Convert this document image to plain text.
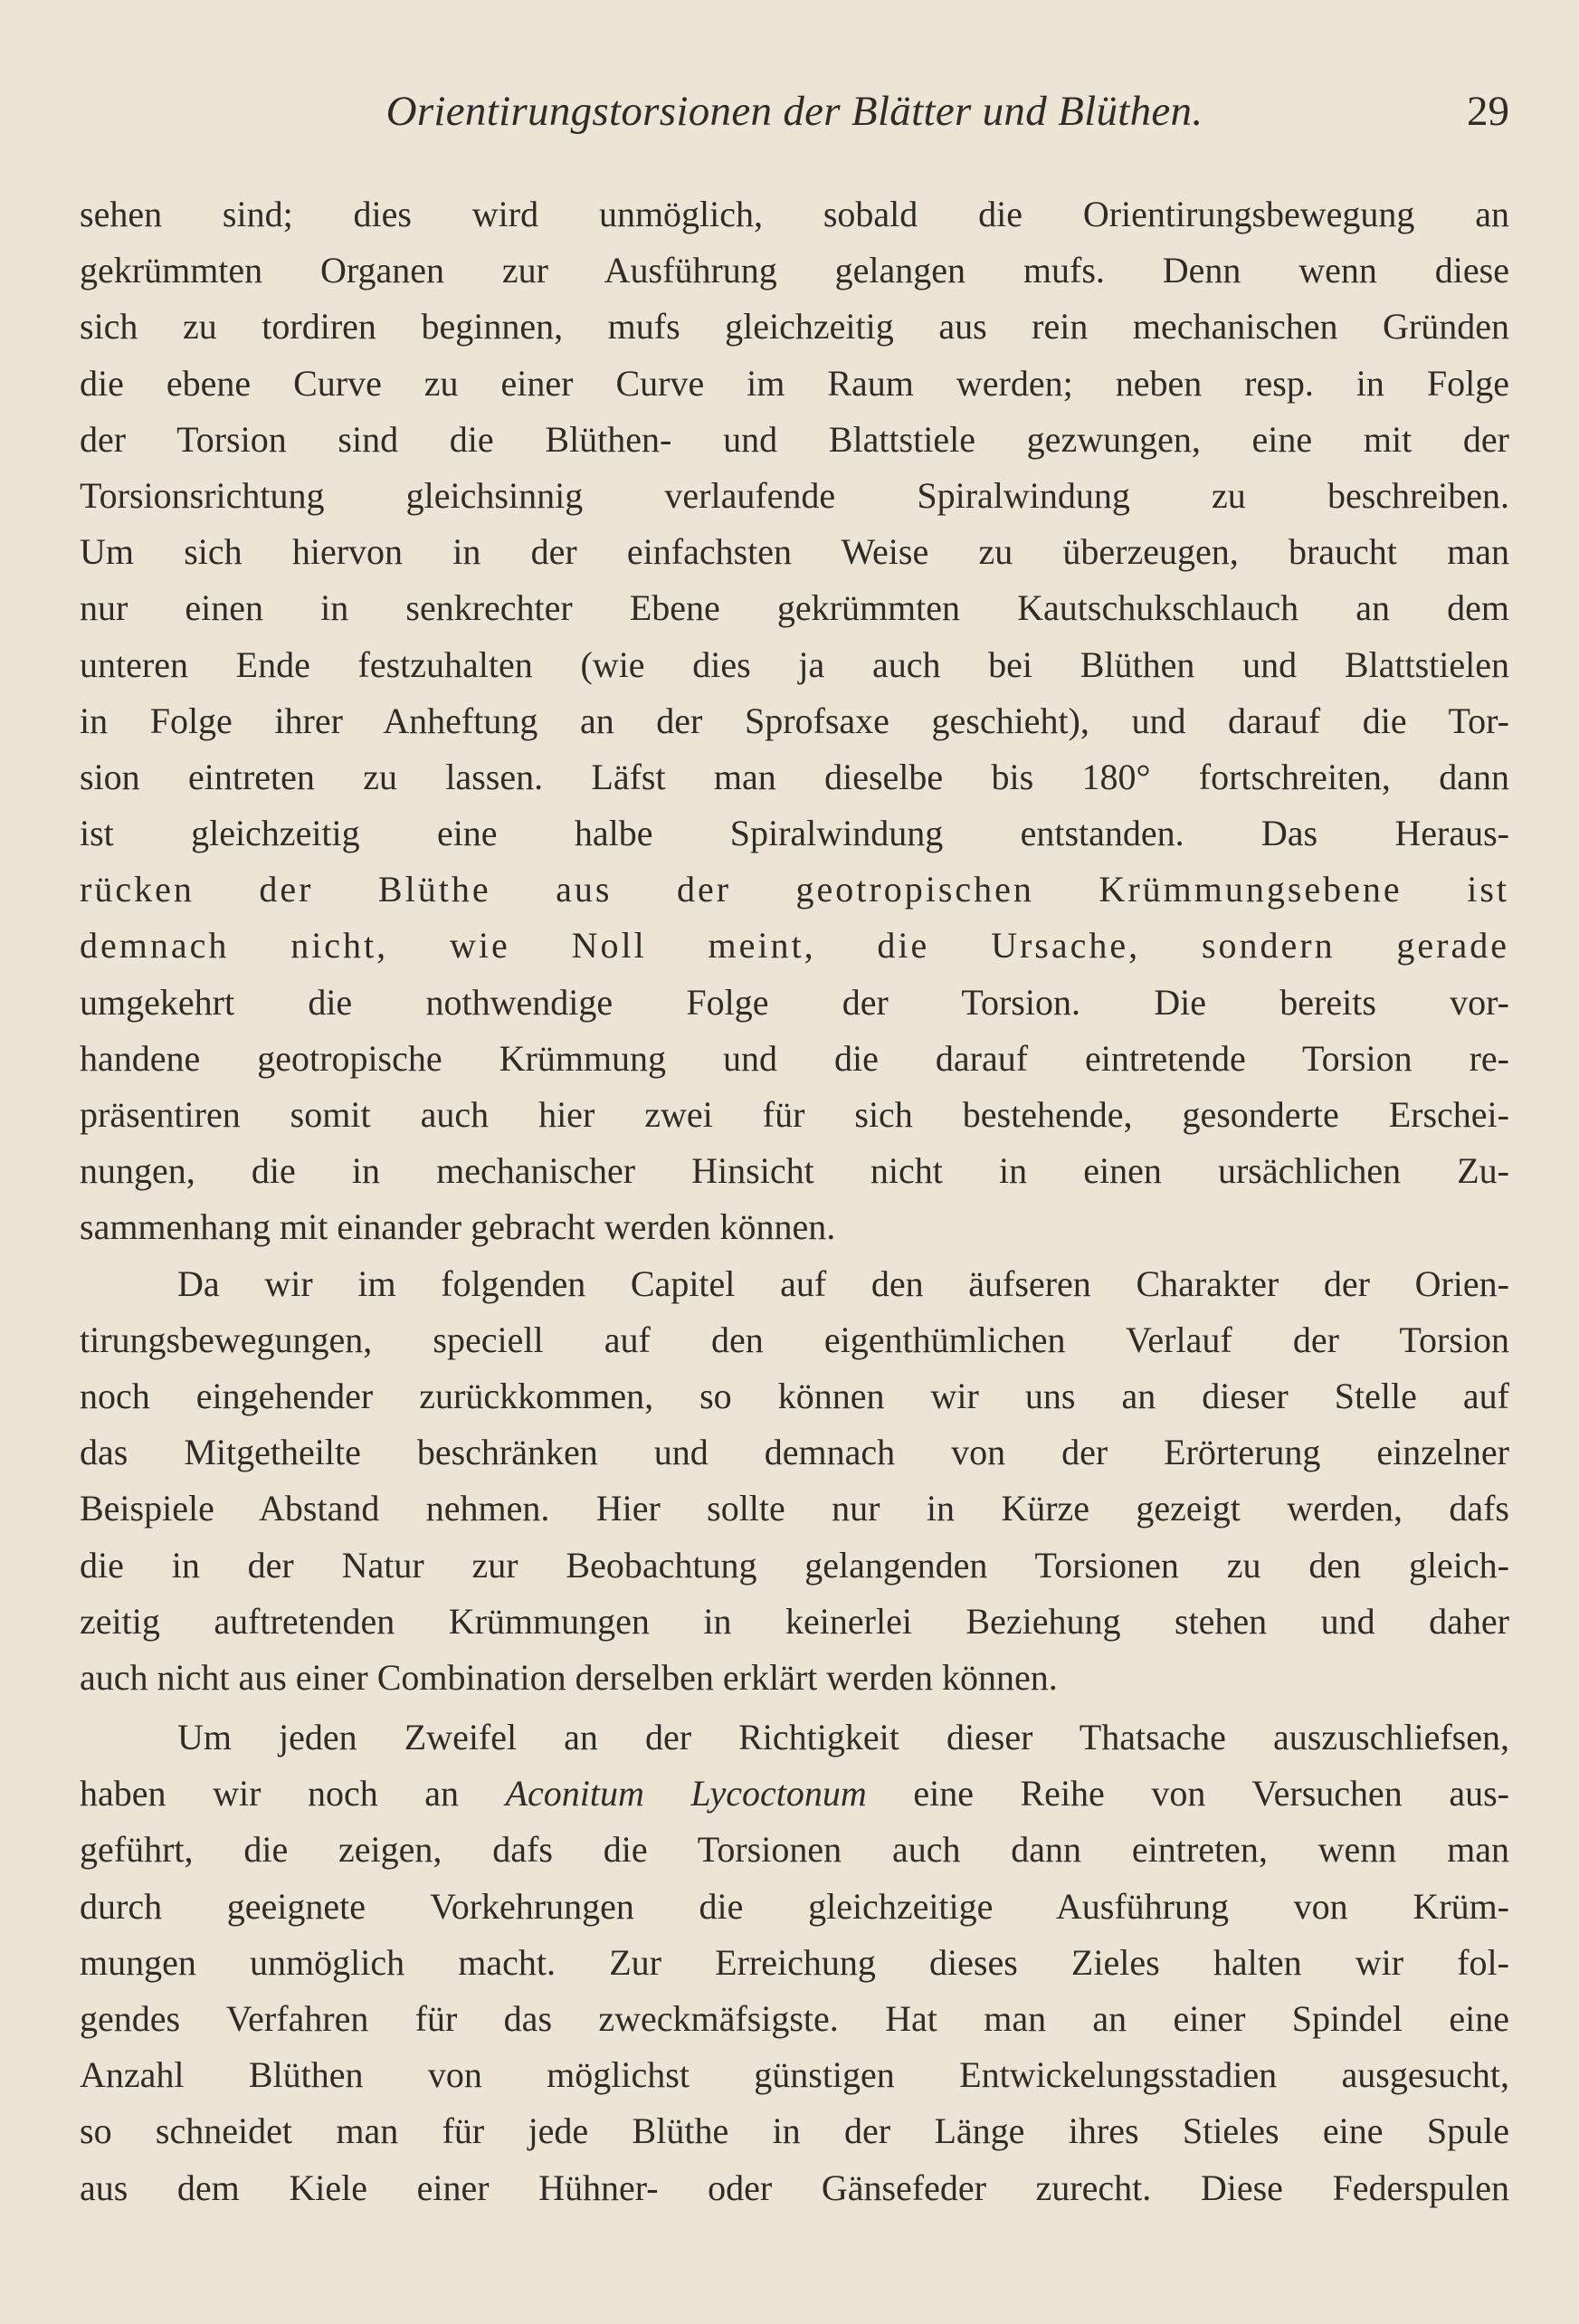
Orientirungstorsionen der Blätter und Blüthen.	29
sehen sind; dies wird unmöglich, sobald die Orientirungsbewegung an
gekrümmten Organen zur Ausführung gelangen mufs. Denn wenn diese
sich zu tordiren beginnen, mufs gleichzeitig aus rein mechanischen Gründen
die ebene Curve zu einer Curve im Raum werden; neben resp. in Folge
der Torsion sind die Blüthen- und Blattstiele gezwungen, eine mit der
Torsionsrichtung gleichsinnig verlaufende Spiralwindung zu beschreiben.
Um sich hiervon in der einfachsten Weise zu überzeugen, braucht man
nur einen in senkrechter Ebene gekrümmten Kautschukschlauch an dem
unteren Ende festzuhalten (wie dies ja auch bei Blüthen und Blattstielen
in Folge ihrer Anheftung an der Sprofsaxe geschieht), und darauf die Tor-
sion eintreten zu lassen. Läfst man dieselbe bis 180° fortschreiten, dann
ist gleichzeitig eine halbe Spiralwindung entstanden. Das Heraus-
rücken der Blüthe aus der geotropischen Krümmungsebene ist
demnach nicht, wie Noll meint, die Ursache, sondern gerade
umgekehrt die nothwendige Folge der Torsion. Die bereits vor-
handene geotropische Krümmung und die darauf eintretende Torsion re-
präsentiren somit auch hier zwei für sich bestehende, gesonderte Erschei-
nungen, die in mechanischer Hinsicht nicht in einen ursächlichen Zu-
sammenhang mit einander gebracht werden können.
Da wir im folgenden Capitel auf den äufseren Charakter der Orien-
tirungsbewegungen, speciell auf den eigenthümlichen Verlauf der Torsion
noch eingehender zurückkommen, so können wir uns an dieser Stelle auf
das Mitgetheilte beschränken und demnach von der Erörterung einzelner
Beispiele Abstand nehmen. Hier sollte nur in Kürze gezeigt werden, dafs
die in der Natur zur Beobachtung gelangenden Torsionen zu den gleich-
zeitig auftretenden Krümmungen in keinerlei Beziehung stehen und daher
auch nicht aus einer Combination derselben erklärt werden können.
Um jeden Zweifel an der Richtigkeit dieser Thatsache auszuschliefsen,
haben wir noch an Aconitum Lycoctonum eine Reihe von Versuchen aus-
geführt, die zeigen, dafs die Torsionen auch dann eintreten, wenn man
durch geeignete Vorkehrungen die gleichzeitige Ausführung von Krüm-
mungen unmöglich macht. Zur Erreichung dieses Zieles halten wir fol-
gendes Verfahren für das zweckmäfsigste. Hat man an einer Spindel eine
Anzahl Blüthen von möglichst günstigen Entwickelungsstadien ausgesucht,
so schneidet man für jede Blüthe in der Länge ihres Stieles eine Spule
aus dem Kiele einer Hühner- oder Gänsefeder zurecht. Diese Federspulen
